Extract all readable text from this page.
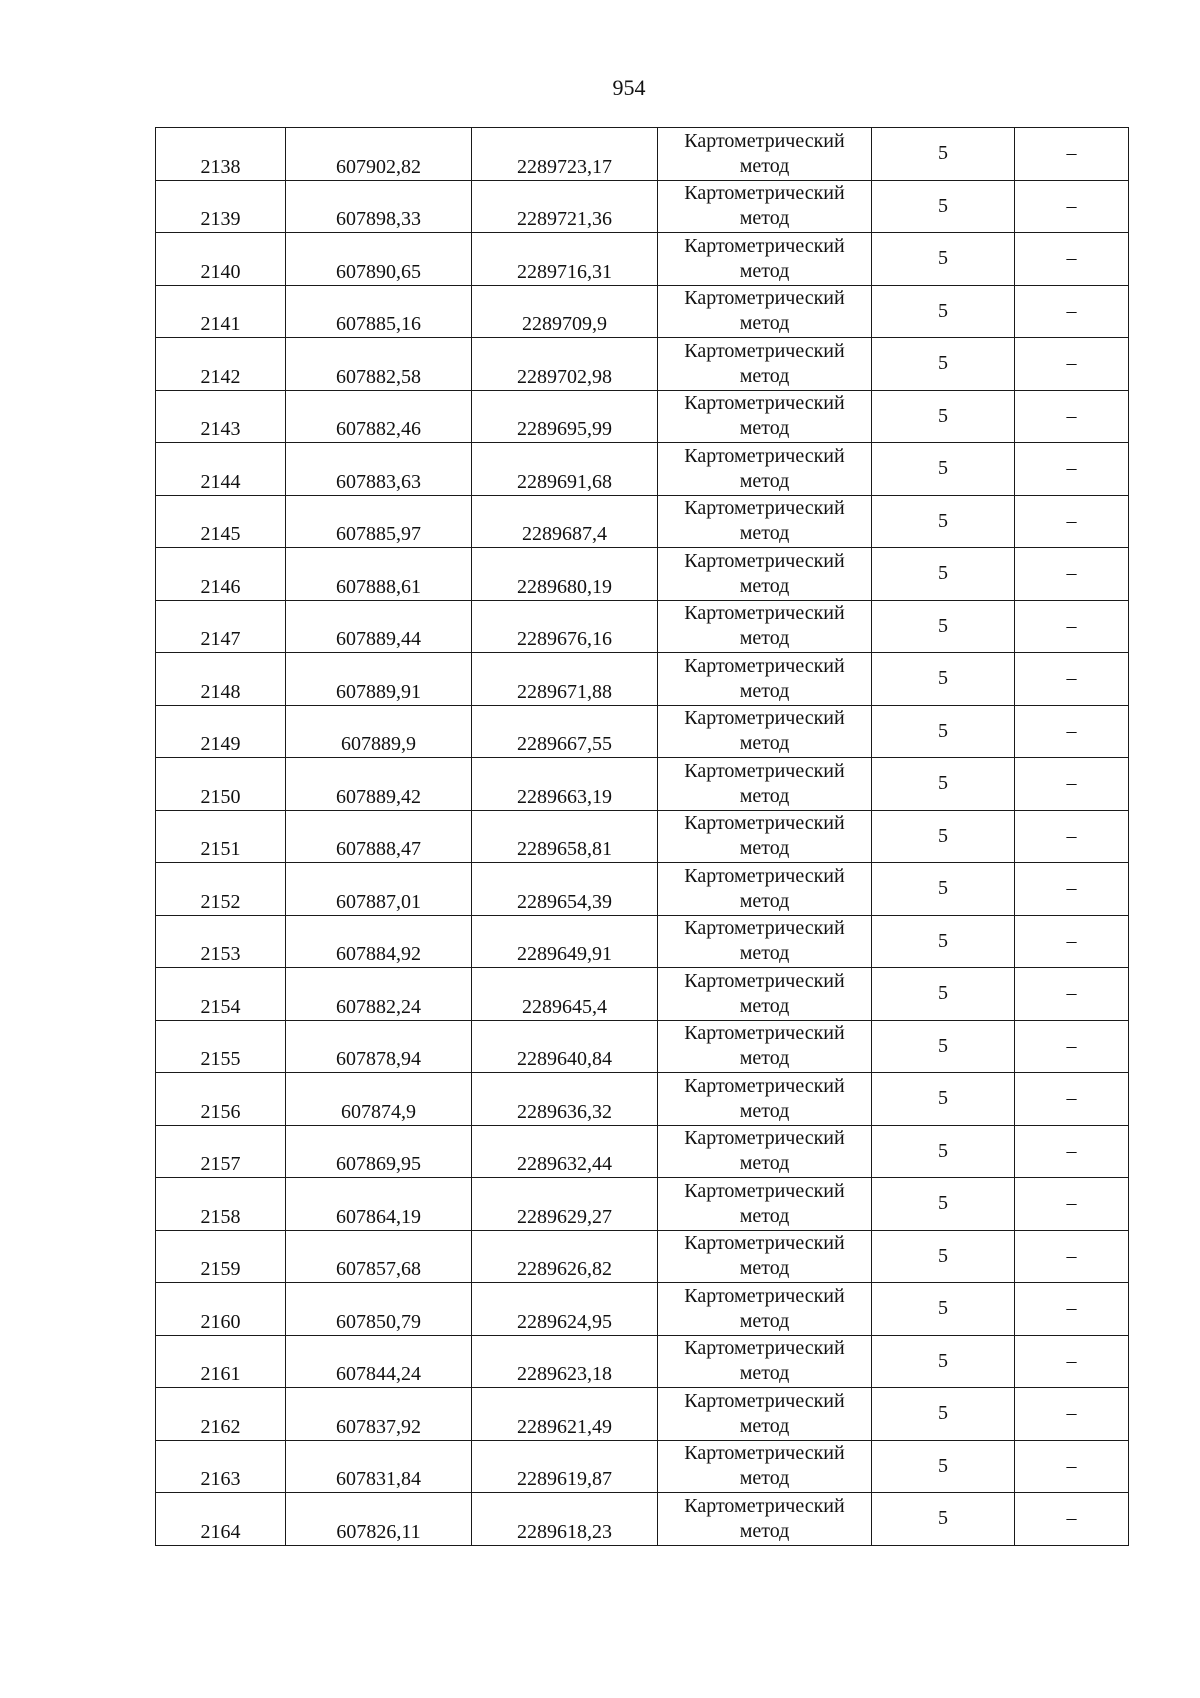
954
2138	607902,82	2289723,17	Картометрический метод	5	–
2139	607898,33	2289721,36	Картометрический метод	5	–
2140	607890,65	2289716,31	Картометрический метод	5	–
2141	607885,16	2289709,9	Картометрический метод	5	–
2142	607882,58	2289702,98	Картометрический метод	5	–
2143	607882,46	2289695,99	Картометрический метод	5	–
2144	607883,63	2289691,68	Картометрический метод	5	–
2145	607885,97	2289687,4	Картометрический метод	5	–
2146	607888,61	2289680,19	Картометрический метод	5	–
2147	607889,44	2289676,16	Картометрический метод	5	–
2148	607889,91	2289671,88	Картометрический метод	5	–
2149	607889,9	2289667,55	Картометрический метод	5	–
2150	607889,42	2289663,19	Картометрический метод	5	–
2151	607888,47	2289658,81	Картометрический метод	5	–
2152	607887,01	2289654,39	Картометрический метод	5	–
2153	607884,92	2289649,91	Картометрический метод	5	–
2154	607882,24	2289645,4	Картометрический метод	5	–
2155	607878,94	2289640,84	Картометрический метод	5	–
2156	607874,9	2289636,32	Картометрический метод	5	–
2157	607869,95	2289632,44	Картометрический метод	5	–
2158	607864,19	2289629,27	Картометрический метод	5	–
2159	607857,68	2289626,82	Картометрический метод	5	–
2160	607850,79	2289624,95	Картометрический метод	5	–
2161	607844,24	2289623,18	Картометрический метод	5	–
2162	607837,92	2289621,49	Картометрический метод	5	–
2163	607831,84	2289619,87	Картометрический метод	5	–
2164	607826,11	2289618,23	Картометрический метод	5	–
